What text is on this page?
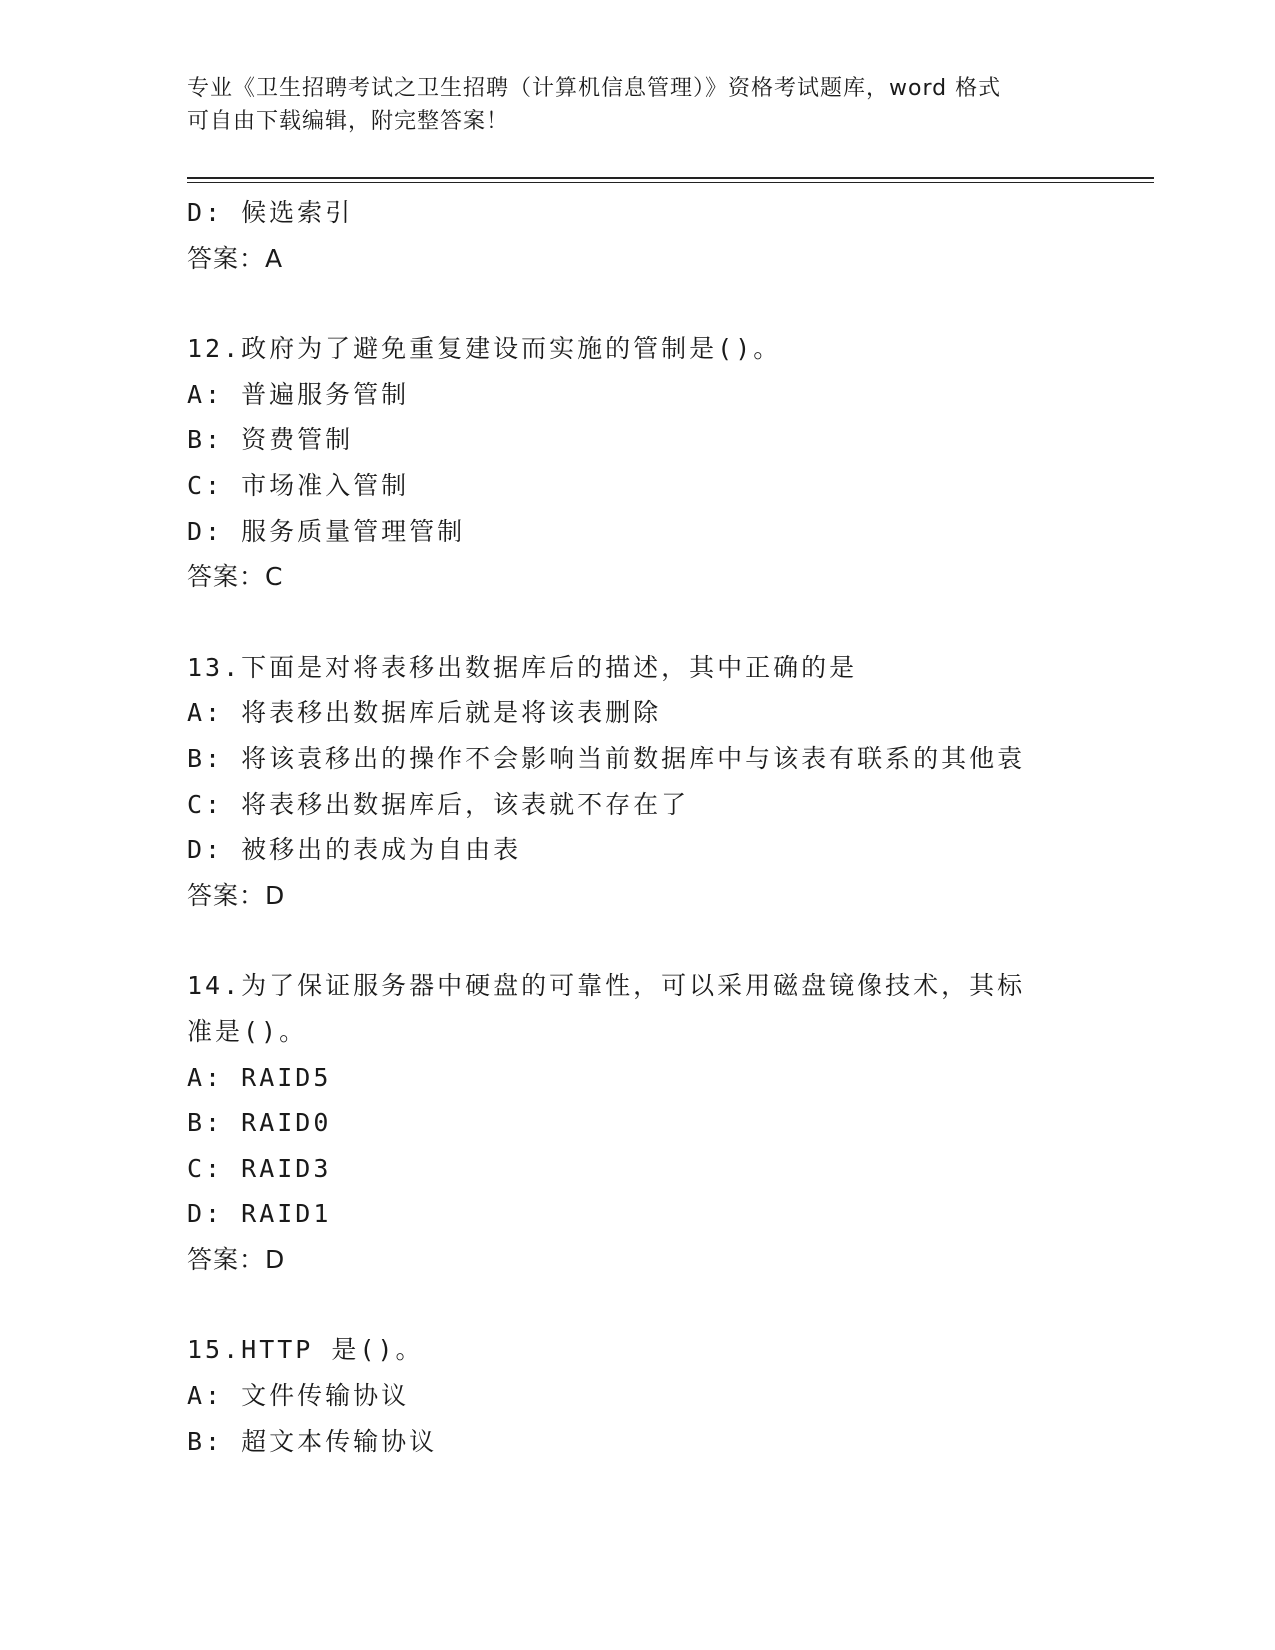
专业《卫生招聘考试之卫生招聘（计算机信息管理）》资格考试题库，word 格式
可自由下载编辑，附完整答案！
D: 候选索引
答案：A
12.政府为了避免重复建设而实施的管制是()。
A: 普遍服务管制
B: 资费管制
C: 市场准入管制
D: 服务质量管理管制
答案：C
13.下面是对将表移出数据库后的描述，其中正确的是
A: 将表移出数据库后就是将该表删除
B: 将该袁移出的操作不会影响当前数据库中与该表有联系的其他袁
C: 将表移出数据库后，该表就不存在了
D: 被移出的表成为自由表
答案：D
14.为了保证服务器中硬盘的可靠性，可以采用磁盘镜像技术，其标准是()。
A: RAID5
B: RAID0
C: RAID3
D: RAID1
答案：D
15.HTTP 是()。
A: 文件传输协议
B: 超文本传输协议
